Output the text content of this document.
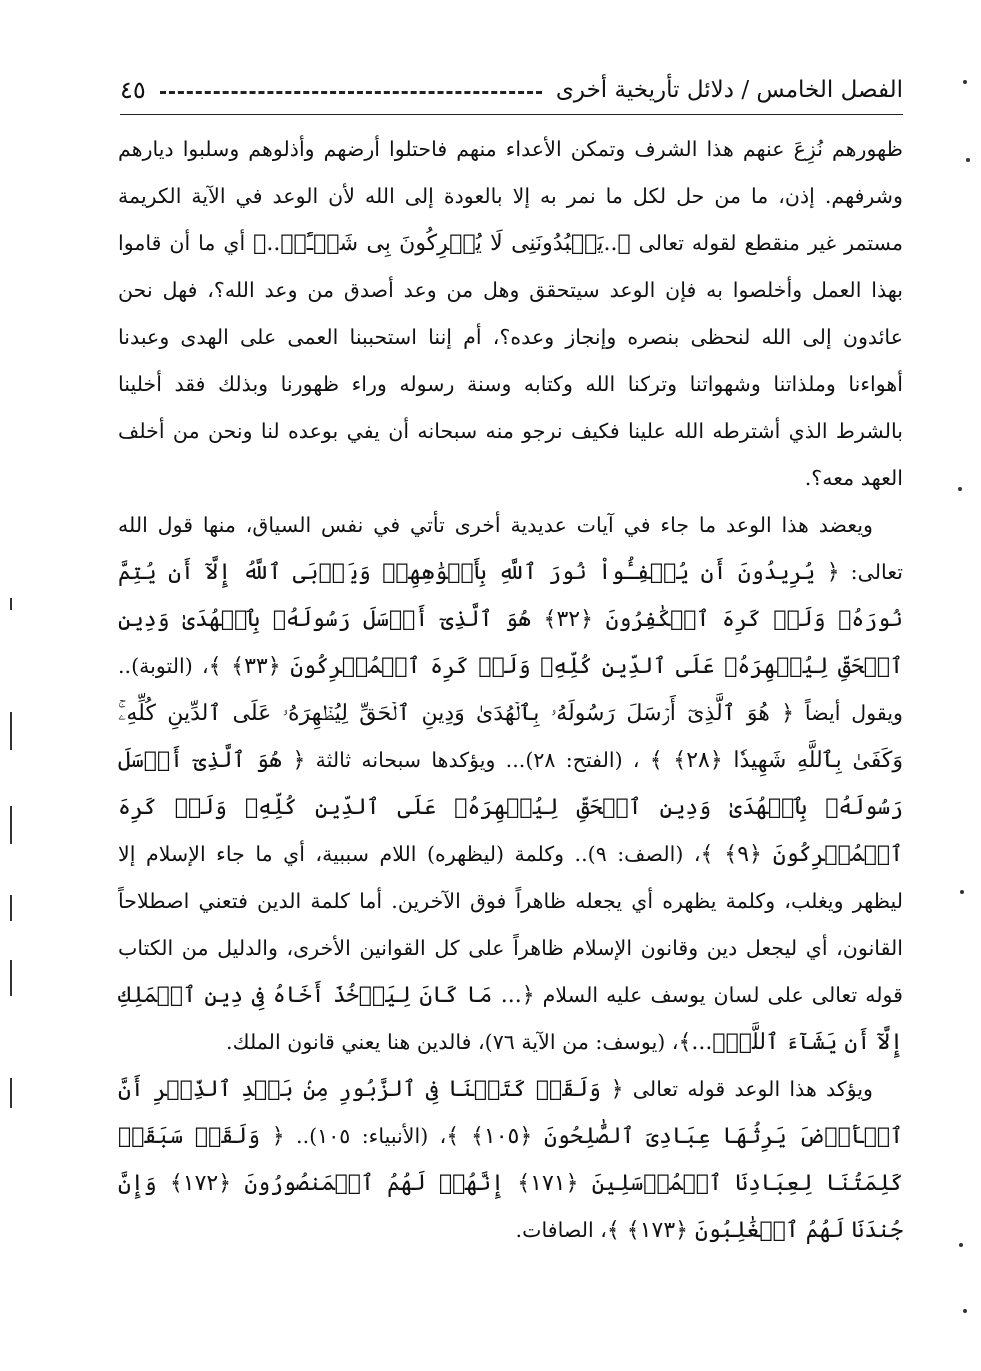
الفصل الخامس / دلائل تأريخية أخرى
٤٥

ظهورهم نُزِعَ عنهم هذا الشرف وتمكن الأعداء منهم فاحتلوا أرضهم وأذلوهم وسلبوا ديارهم وشرفهم. إذن، ما من حل لكل ما نمر به إلا بالعودة إلى الله لأن الوعد في الآية الكريمة مستمر غير منقطع لقوله تعالى ﴿..يَعۡبُدُونَنِى لَا يُشۡرِكُونَ بِى شَيۡـًٔاۚ..﴾ أي ما أن قاموا بهذا العمل وأخلصوا به فإن الوعد سيتحقق وهل من وعد أصدق من وعد الله؟، فهل نحن عائدون إلى الله لنحظى بنصره وإنجاز وعده؟، أم إننا استحببنا العمى على الهدى وعبدنا أهواءنا وملذاتنا وشهواتنا وتركنا الله وكتابه وسنة رسوله وراء ظهورنا وبذلك فقد أخلينا بالشرط الذي أشترطه الله علينا فكيف نرجو منه سبحانه أن يفي بوعده لنا ونحن من أخلف العهد معه؟.

ويعضد هذا الوعد ما جاء في آيات عديدية أخرى تأتي في نفس السياق، منها قول الله تعالى: ﴿ يُرِيدُونَ أَن يُطۡفِـُٔواْ نُورَ ٱللَّهِ بِأَفۡوَٰهِهِمۡ وَيَأۡبَى ٱللَّهُ إِلَّآ أَن يُتِمَّ نُورَهُۥ وَلَوۡ كَرِهَ ٱلۡكَٰفِرُونَ ﴿٣٢﴾ هُوَ ٱلَّذِىٓ أَرۡسَلَ رَسُولَهُۥ بِٱلۡهُدَىٰ وَدِينِ ٱلۡحَقِّ لِيُظۡهِرَهُۥ عَلَى ٱلدِّينِ كُلِّهِۦ وَلَوۡ كَرِهَ ٱلۡمُشۡرِكُونَ ﴿٣٣﴾ ﴾، (التوبة).. ويقول أيضاً ﴿ هُوَ ٱلَّذِىٓ أَرۡسَلَ رَسُولَهُۥ بِٱلۡهُدَىٰ وَدِينِ ٱلۡحَقِّ لِيُظۡهِرَهُۥ عَلَى ٱلدِّينِ كُلِّهِۦۚ وَكَفَىٰ بِٱللَّهِ شَهِيدٗا ﴿٢٨﴾ ﴾ ، (الفتح: ٢٨)... ويؤكدها سبحانه ثالثة ﴿ هُوَ ٱلَّذِىٓ أَرۡسَلَ رَسُولَهُۥ بِٱلۡهُدَىٰ وَدِينِ ٱلۡحَقِّ لِيُظۡهِرَهُۥ عَلَى ٱلدِّينِ كُلِّهِۦ وَلَوۡ كَرِهَ ٱلۡمُشۡرِكُونَ ﴿٩﴾ ﴾، (الصف: ٩).. وكلمة (ليظهره) اللام سببية، أي ما جاء الإسلام إلا ليظهر ويغلب، وكلمة يظهره أي يجعله ظاهراً فوق الآخرين. أما كلمة الدين فتعني اصطلاحاً القانون، أي ليجعل دين وقانون الإسلام ظاهراً على كل القوانين الأخرى، والدليل من الكتاب قوله تعالى على لسان يوسف عليه السلام ﴿... مَا كَانَ لِيَأۡخُذَ أَخَاهُ فِى دِينِ ٱلۡمَلِكِ إِلَّآ أَن يَشَآءَ ٱللَّهُۚ...﴾، (يوسف: من الآية ٧٦)، فالدين هنا يعني قانون الملك.

ويؤكد هذا الوعد قوله تعالى ﴿ وَلَقَدۡ كَتَبۡنَا فِى ٱلزَّبُورِ مِنۢ بَعۡدِ ٱلذِّكۡرِ أَنَّ ٱلۡأَرۡضَ يَرِثُهَا عِبَادِىَ ٱلصَّٰلِحُونَ ﴿١٠٥﴾ ﴾، (الأنبياء: ١٠٥).. ﴿ وَلَقَدۡ سَبَقَتۡ كَلِمَتُنَا لِعِبَادِنَا ٱلۡمُرۡسَلِينَ ﴿١٧١﴾ إِنَّهُمۡ لَهُمُ ٱلۡمَنصُورُونَ ﴿١٧٢﴾ وَإِنَّ جُندَنَا لَهُمُ ٱلۡغَٰلِبُونَ ﴿١٧٣﴾ ﴾، الصافات.
